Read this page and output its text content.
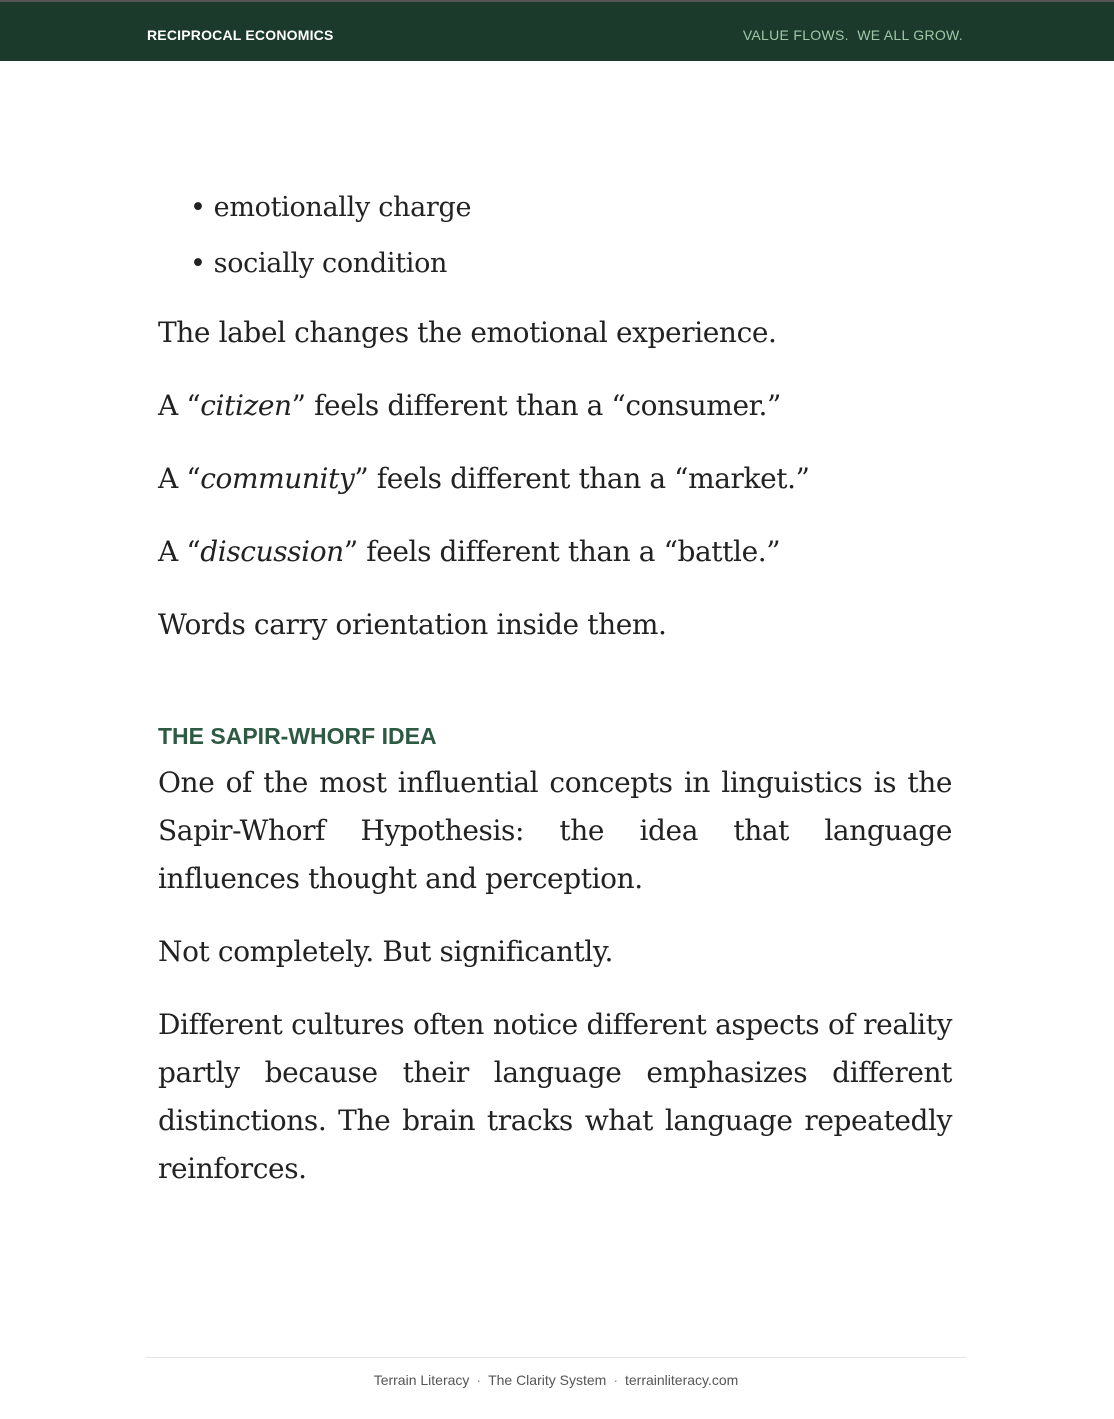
RECIPROCAL ECONOMICS	VALUE FLOWS.  WE ALL GROW.
• emotionally charge
• socially condition

The label changes the emotional experience.

A “citizen” feels different than a “consumer.”

A “community” feels different than a “market.”

A “discussion” feels different than a “battle.”

Words carry orientation inside them.

THE SAPIR-WHORF IDEA

One of the most influential concepts in linguistics is the Sapir-Whorf Hypothesis: the idea that language influences thought and perception.

Not completely. But significantly.

Different cultures often notice different aspects of reality partly because their language emphasizes different distinctions. The brain tracks what language repeatedly reinforces.

Terrain Literacy · The Clarity System · terrainliteracy.com
